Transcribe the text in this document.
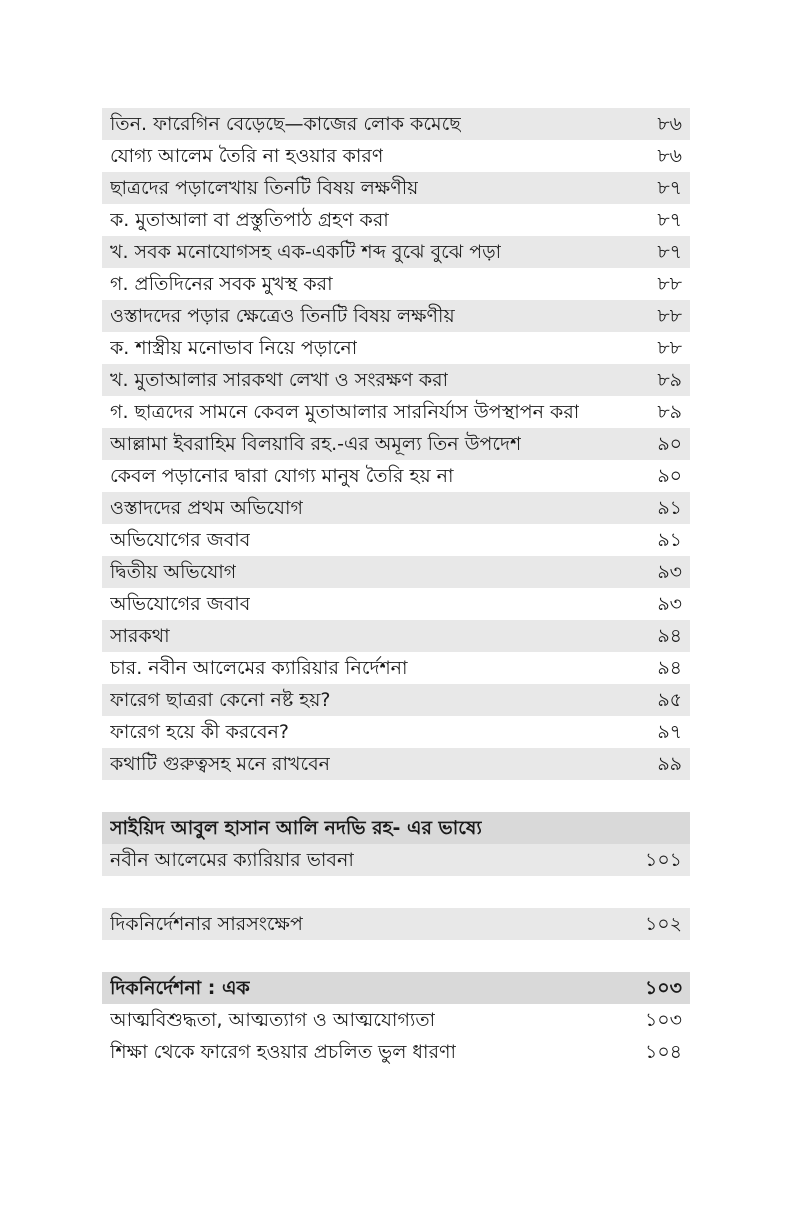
তিন. ফারেগিন বেড়েছে—কাজের লোক কমেছে	৮৬
যোগ্য আলেম তৈরি না হওয়ার কারণ	৮৬
ছাত্রদের পড়ালেখায় তিনটি বিষয় লক্ষণীয়	৮৭
ক. মুতাআলা বা প্রস্তুতিপাঠ গ্রহণ করা	৮৭
খ. সবক মনোযোগসহ এক-একটি শব্দ বুঝে বুঝে পড়া	৮৭
গ. প্রতিদিনের সবক মুখস্থ করা	৮৮
ওস্তাদদের পড়ার ক্ষেত্রেও তিনটি বিষয় লক্ষণীয়	৮৮
ক. শাস্ত্রীয় মনোভাব নিয়ে পড়ানো	৮৮
খ. মুতাআলার সারকথা লেখা ও সংরক্ষণ করা	৮৯
গ. ছাত্রদের সামনে কেবল মুতাআলার সারনির্যাস উপস্থাপন করা	৮৯
আল্লামা ইবরাহিম বিলয়াবি রহ.-এর অমূল্য তিন উপদেশ	৯০
কেবল পড়ানোর দ্বারা যোগ্য মানুষ তৈরি হয় না	৯০
ওস্তাদদের প্রথম অভিযোগ	৯১
অভিযোগের জবাব	৯১
দ্বিতীয় অভিযোগ	৯৩
অভিযোগের জবাব	৯৩
সারকথা	৯৪
চার. নবীন আলেমের ক্যারিয়ার নির্দেশনা	৯৪
ফারেগ ছাত্ররা কেনো নষ্ট হয়?	৯৫
ফারেগ হয়ে কী করবেন?	৯৭
কথাটি গুরুত্বসহ মনে রাখবেন	৯৯
সাইয়িদ আবুল হাসান আলি নদভি রহ- এর ভাষ্যে
নবীন আলেমের ক্যারিয়ার ভাবনা	১০১
দিকনির্দেশনার সারসংক্ষেপ	১০২
দিকনির্দেশনা : এক	১০৩
আত্মবিশুদ্ধতা, আত্মত্যাগ ও আত্মযোগ্যতা	১০৩
শিক্ষা থেকে ফারেগ হওয়ার প্রচলিত ভুল ধারণা	১০৪
